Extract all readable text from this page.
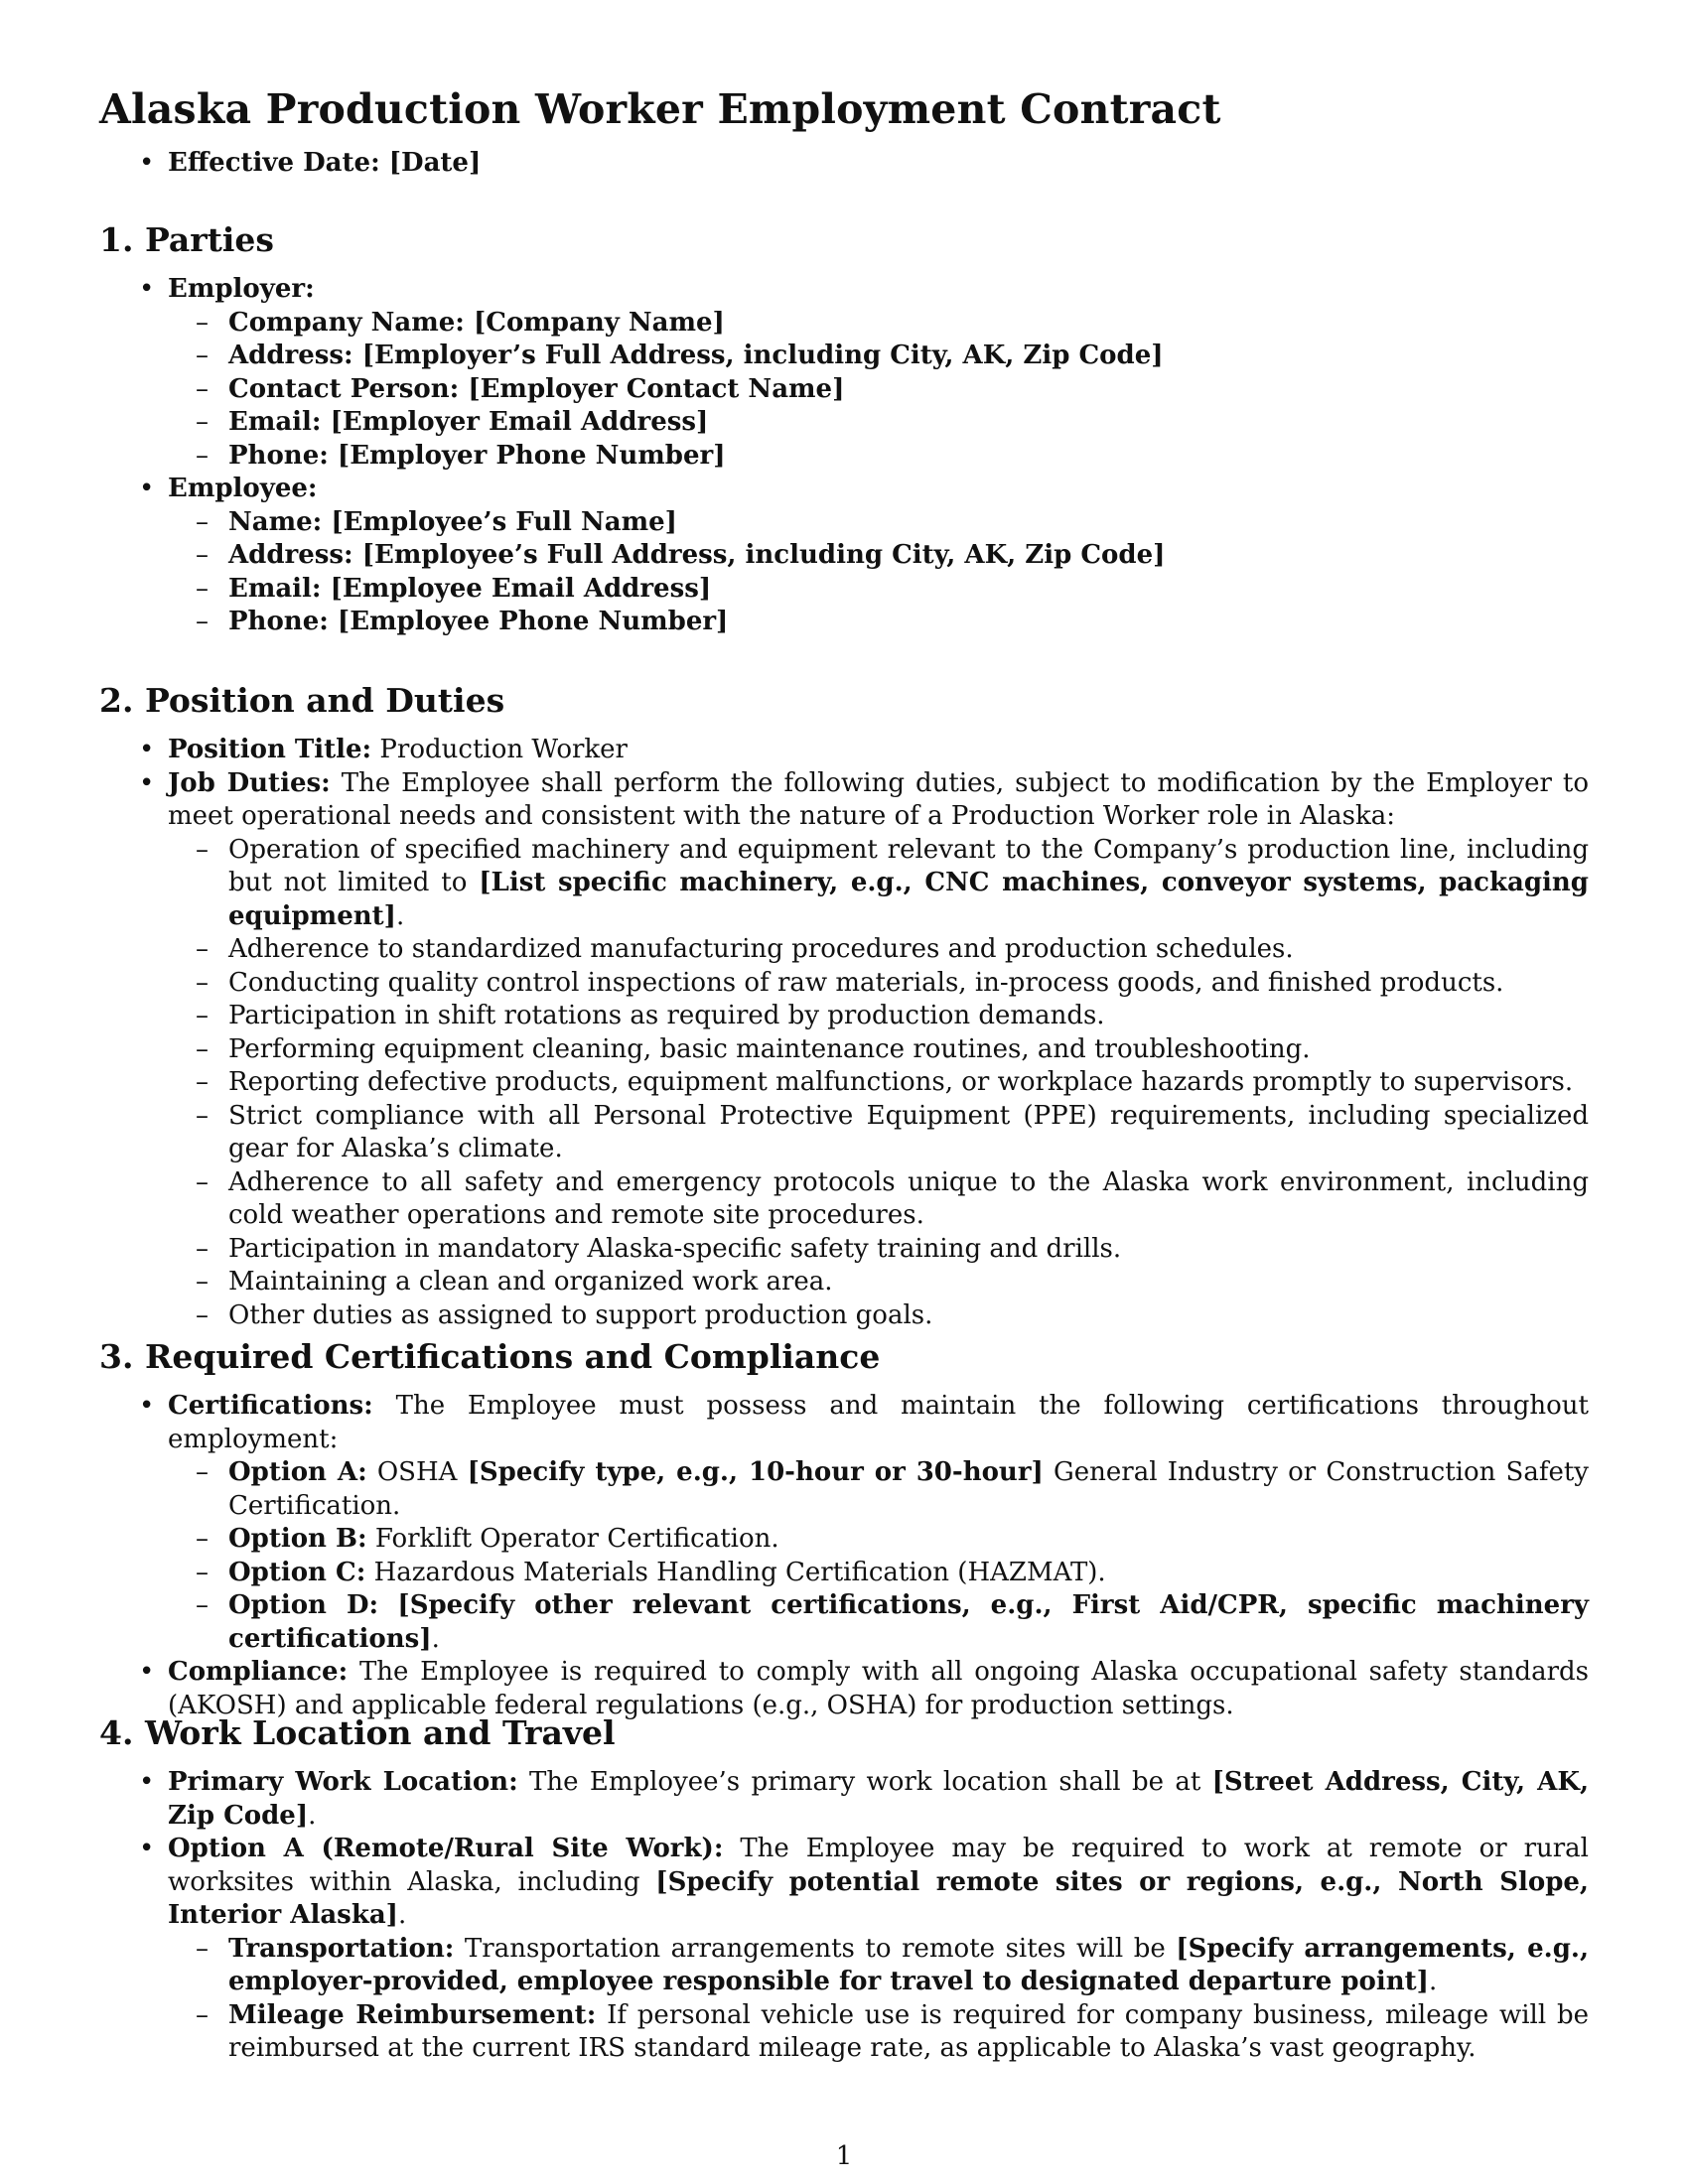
Alaska Production Worker Employment Contract
• Effective Date: [Date]
1. Parties
• Employer:
– Company Name: [Company Name]
– Address: [Employer’s Full Address, including City, AK, Zip Code]
– Contact Person: [Employer Contact Name]
– Email: [Employer Email Address]
– Phone: [Employer Phone Number]
• Employee:
– Name: [Employee’s Full Name]
– Address: [Employee’s Full Address, including City, AK, Zip Code]
– Email: [Employee Email Address]
– Phone: [Employee Phone Number]
2. Position and Duties
• Position Title: Production Worker
• Job Duties: The Employee shall perform the following duties, subject to modification by the Employer to meet operational needs and consistent with the nature of a Production Worker role in Alaska:
– Operation of specified machinery and equipment relevant to the Company’s production line, including but not limited to [List specific machinery, e.g., CNC machines, conveyor systems, packaging equipment].
– Adherence to standardized manufacturing procedures and production schedules.
– Conducting quality control inspections of raw materials, in-process goods, and finished products.
– Participation in shift rotations as required by production demands.
– Performing equipment cleaning, basic maintenance routines, and troubleshooting.
– Reporting defective products, equipment malfunctions, or workplace hazards promptly to supervisors.
– Strict compliance with all Personal Protective Equipment (PPE) requirements, including specialized gear for Alaska’s climate.
– Adherence to all safety and emergency protocols unique to the Alaska work environment, including cold weather operations and remote site procedures.
– Participation in mandatory Alaska-specific safety training and drills.
– Maintaining a clean and organized work area.
– Other duties as assigned to support production goals.
3. Required Certifications and Compliance
• Certifications: The Employee must possess and maintain the following certifications throughout employment:
– Option A: OSHA [Specify type, e.g., 10-hour or 30-hour] General Industry or Construction Safety Certification.
– Option B: Forklift Operator Certification.
– Option C: Hazardous Materials Handling Certification (HAZMAT).
– Option D: [Specify other relevant certifications, e.g., First Aid/CPR, specific machinery certifications].
• Compliance: The Employee is required to comply with all ongoing Alaska occupational safety standards (AKOSH) and applicable federal regulations (e.g., OSHA) for production settings.
4. Work Location and Travel
• Primary Work Location: The Employee’s primary work location shall be at [Street Address, City, AK, Zip Code].
• Option A (Remote/Rural Site Work): The Employee may be required to work at remote or rural worksites within Alaska, including [Specify potential remote sites or regions, e.g., North Slope, Interior Alaska].
– Transportation: Transportation arrangements to remote sites will be [Specify arrangements, e.g., employer-provided, employee responsible for travel to designated departure point].
– Mileage Reimbursement: If personal vehicle use is required for company business, mileage will be reimbursed at the current IRS standard mileage rate, as applicable to Alaska’s vast geography.
1
